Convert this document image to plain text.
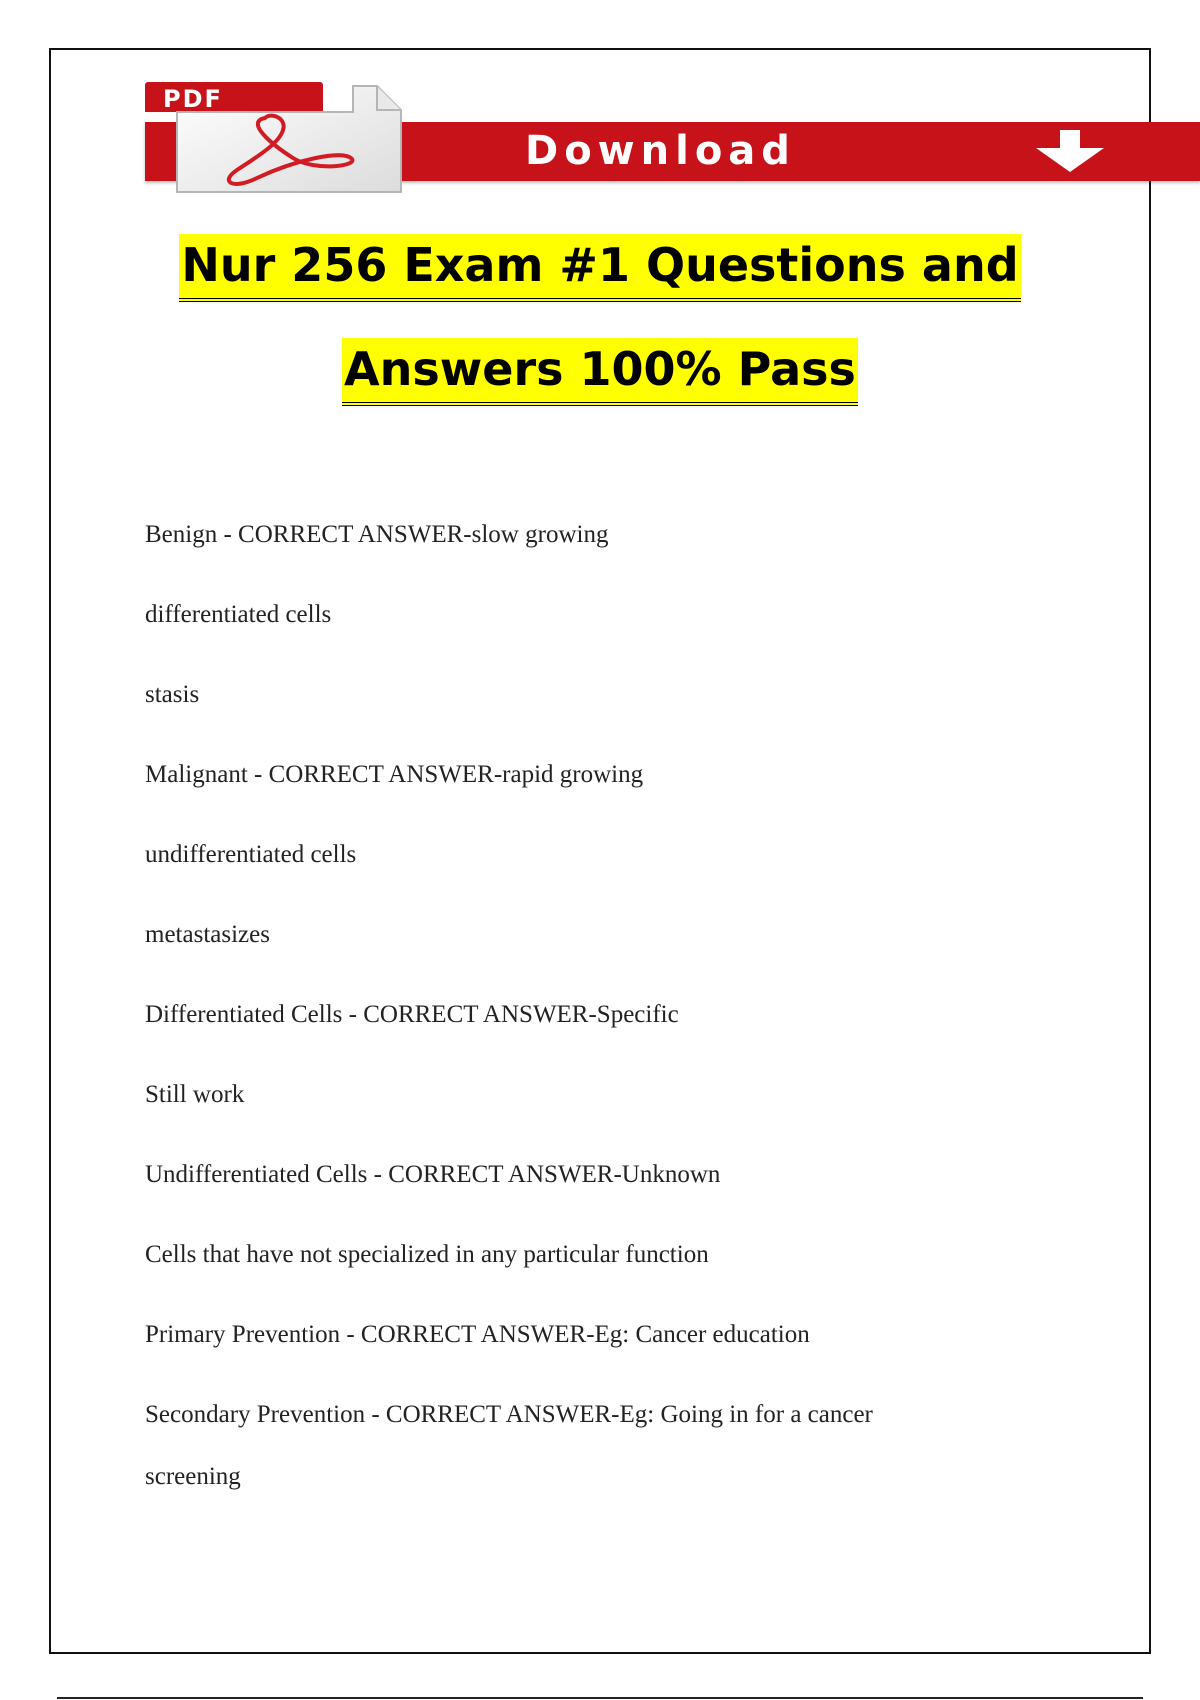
PDF
Download
Nur 256 Exam #1 Questions and
Answers 100% Pass
Benign - CORRECT ANSWER-slow growing
differentiated cells
stasis
Malignant - CORRECT ANSWER-rapid growing
undifferentiated cells
metastasizes
Differentiated Cells - CORRECT ANSWER-Specific
Still work
Undifferentiated Cells - CORRECT ANSWER-Unknown
Cells that have not specialized in any particular function
Primary Prevention - CORRECT ANSWER-Eg: Cancer education
Secondary Prevention - CORRECT ANSWER-Eg: Going in for a cancer
screening
